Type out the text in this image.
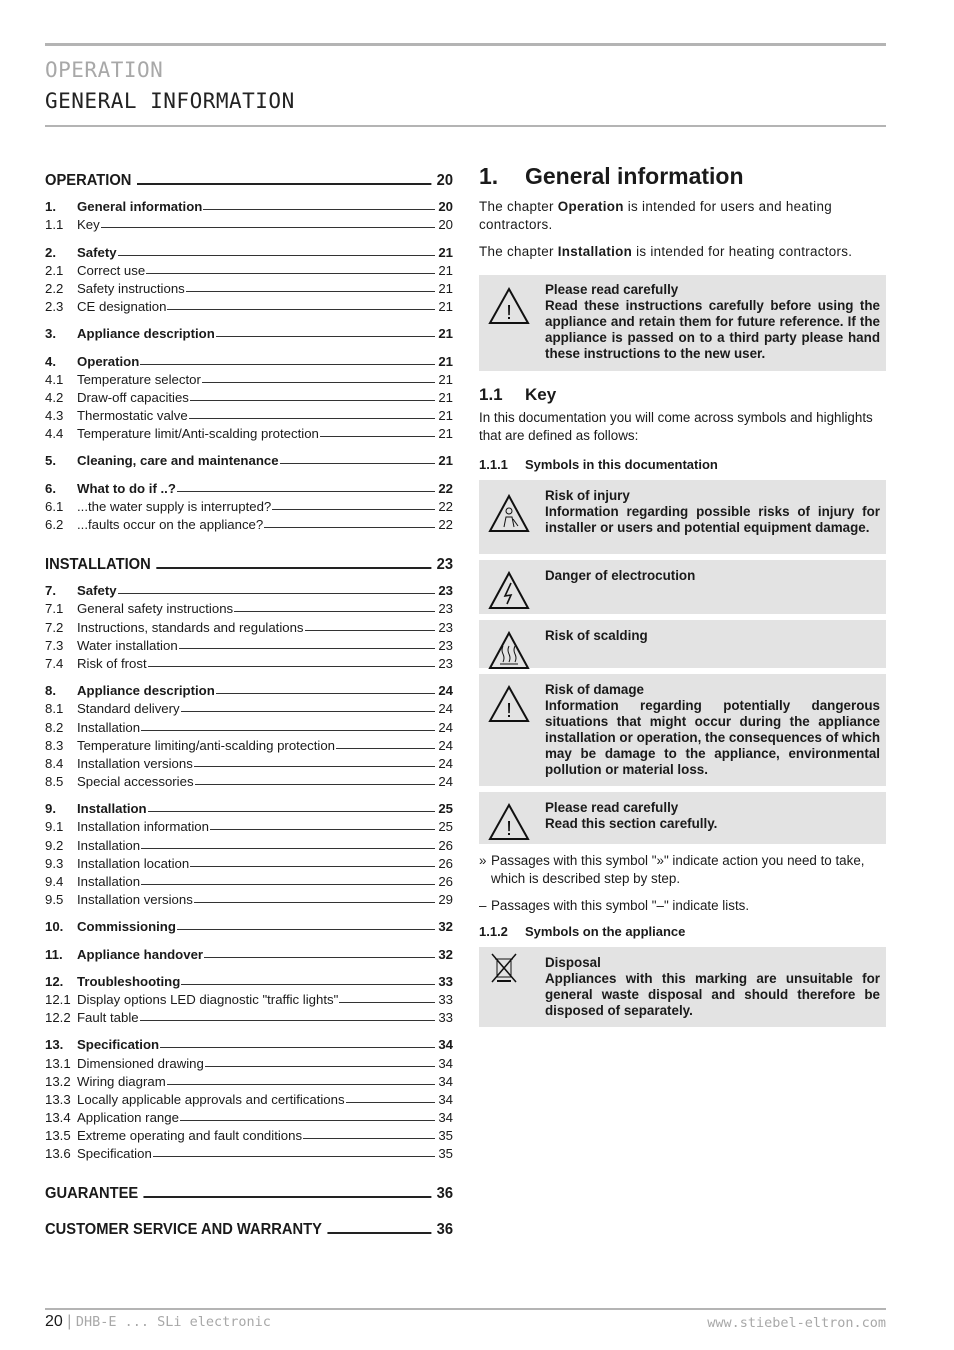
OPERATION
GENERAL INFORMATION
OPERATION	20
1.	General information	20
1.1	Key	20
2.	Safety	21
2.1	Correct use	21
2.2	Safety instructions	21
2.3	CE designation	21
3.	Appliance description	21
4.	Operation	21
4.1	Temperature selector	21
4.2	Draw-off capacities	21
4.3	Thermostatic valve	21
4.4	Temperature limit/Anti-scalding protection	21
5.	Cleaning, care and maintenance	21
6.	What to do if ..?	22
6.1	...the water supply is interrupted?	22
6.2	...faults occur on the appliance?	22
INSTALLATION	23
7.	Safety	23
7.1	General safety instructions	23
7.2	Instructions, standards and regulations	23
7.3	Water installation	23
7.4	Risk of frost	23
8.	Appliance description	24
8.1	Standard delivery	24
8.2	Installation	24
8.3	Temperature limiting/anti-scalding protection	24
8.4	Installation versions	24
8.5	Special accessories	24
9.	Installation	25
9.1	Installation information	25
9.2	Installation	26
9.3	Installation location	26
9.4	Installation	26
9.5	Installation versions	29
10.	Commissioning	32
11.	Appliance handover	32
12.	Troubleshooting	33
12.1 Display options LED diagnostic "traffic lights"	33
12.2 Fault table	33
13.	Specification	34
13.1 Dimensioned drawing	34
13.2 Wiring diagram	34
13.3 Locally applicable approvals and certifications	34
13.4 Application range	34
13.5 Extreme operating and fault conditions	35
13.6 Specification	35
GUARANTEE	36
CUSTOMER SERVICE AND WARRANTY	36
1.	General information

The chapter Operation is intended for users and heating contractors.

The chapter Installation is intended for heating contractors.

!
Please read carefully
Read these instructions carefully before using the appliance and retain them for future reference. If the appliance is passed on to a third party please hand these instructions to the new user.
1.1	Key

In this documentation you will come across symbols and highlights that are defined as follows:

1.1.1	Symbols in this documentation
Risk of injury
Information regarding possible risks of injury for installer or users and potential equipment damage.
Danger of electrocution
Risk of scalding
!
Risk of damage
Information regarding potentially dangerous situations that might occur during the appliance installation or operation, the consequences of which may be damage to the appliance, environmental pollution or material loss.
!
Please read carefully
Read this section carefully.
» Passages with this symbol "»" indicate action you need to take, which is described step by step.
– Passages with this symbol "–" indicate lists.
1.1.2	Symbols on the appliance
Disposal
Appliances with this marking are unsuitable for general waste disposal and should therefore be disposed of separately.
20 | DHB-E ... SLi electronic	www.stiebel-eltron.com
